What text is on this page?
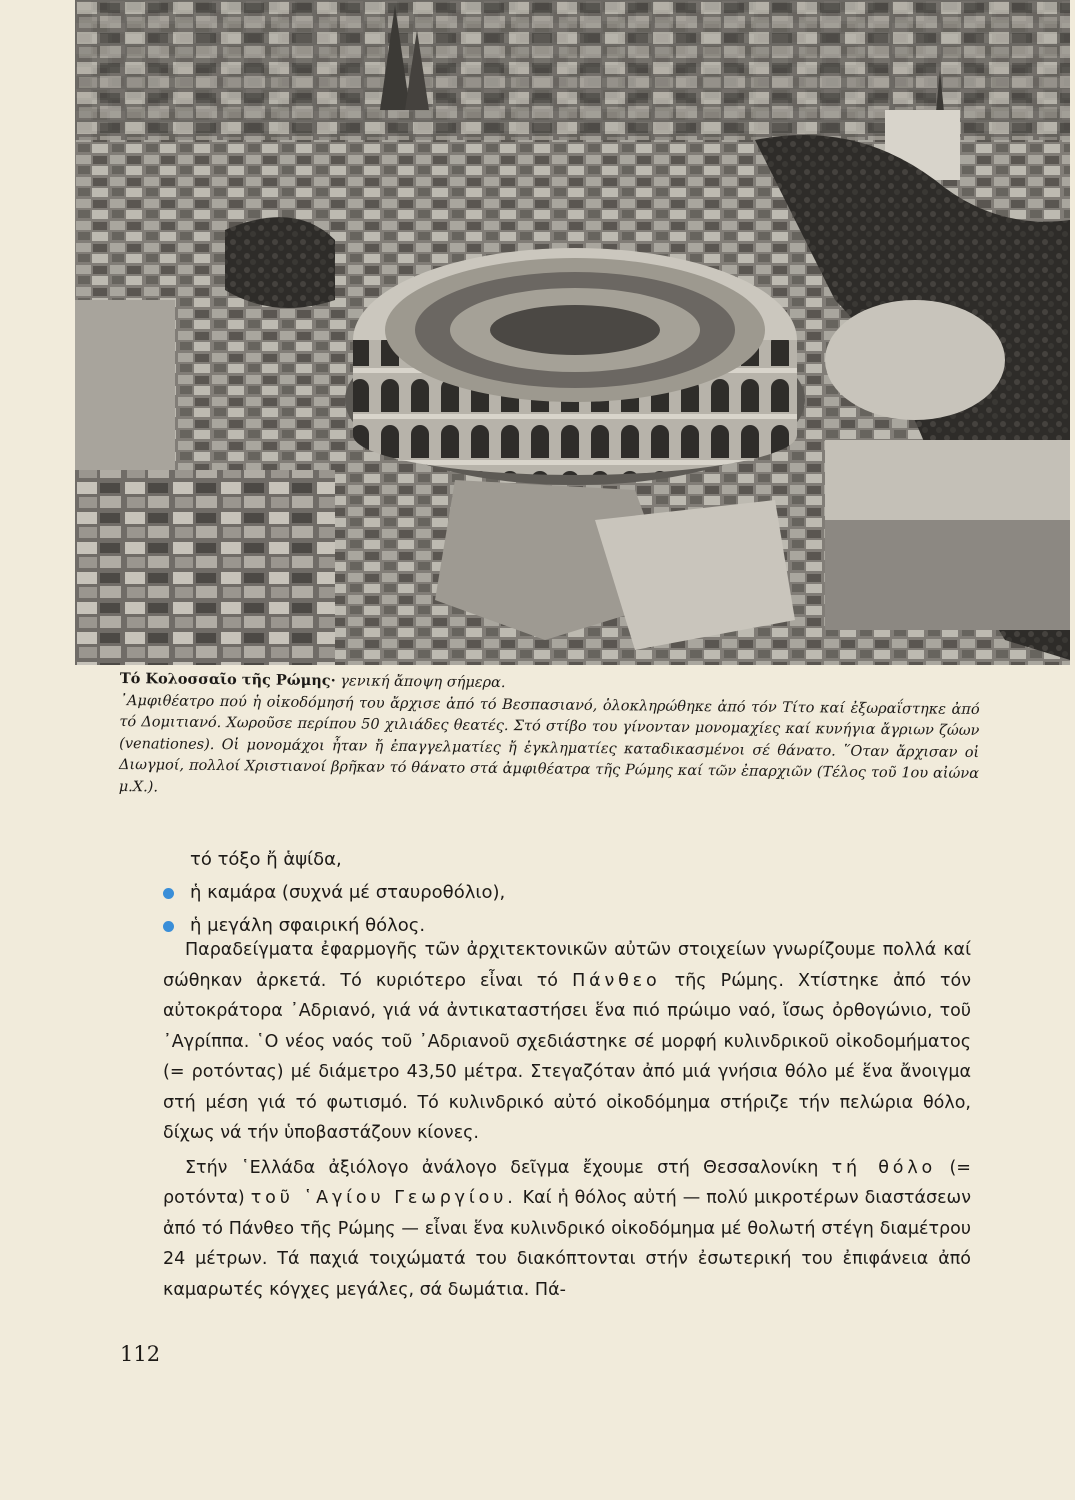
Τό Κολοσσαῖο τῆς Ρώμης· γενική ἄποψη σήμερα.

᾿Αμφιθέατρο πού ἡ οἰκοδόμησή του ἄρχισε ἀπό τό Βεσπασιανό, ὁλοκληρώθηκε ἀπό τόν Τίτο καί ἐξωραΐστηκε ἀπό τό Δομιτιανό. Χωροῦσε περίπου 50 χιλιάδες θεατές. Στό στίβο του γίνονταν μονομαχίες καί κυνήγια ἄγριων ζώων (venationes). Οἱ μονομάχοι ἦταν ἤ ἐπαγγελματίες ἤ ἐγκληματίες καταδικασμένοι σέ θάνατο. ῞Οταν ἄρχισαν οἱ Διωγμοί, πολλοί Χριστιανοί βρῆκαν τό θάνατο στά ἀμφιθέατρα τῆς Ρώμης καί τῶν ἐπαρχιῶν (Τέλος τοῦ 1ου αἰώνα μ.Χ.).

τό τόξο ἤ ἁψίδα,
ἡ καμάρα (συχνά μέ σταυροθόλιο),
ἡ μεγάλη σφαιρική θόλος.

Παραδείγματα ἐφαρμογῆς τῶν ἀρχιτεκτονικῶν αὐτῶν στοιχείων γνωρίζουμε πολλά καί σώθηκαν ἀρκετά. Τό κυριότερο εἶναι τό Πάνθεο τῆς Ρώμης. Χτίστηκε ἀπό τόν αὐτοκράτορα ᾿Αδριανό, γιά νά ἀντικαταστήσει ἕνα πιό πρώιμο ναό, ἴσως ὀρθογώνιο, τοῦ ᾿Αγρίππα. ῾Ο νέος ναός τοῦ ᾿Αδριανοῦ σχεδιάστηκε σέ μορφή κυλινδρικοῦ οἰκοδομήματος (= ροτόντας) μέ διάμετρο 43,50 μέτρα. Στεγαζόταν ἀπό μιά γνήσια θόλο μέ ἕνα ἄνοιγμα στή μέση γιά τό φωτισμό. Τό κυλινδρικό αὐτό οἰκοδόμημα στήριζε τήν πελώρια θόλο, δίχως νά τήν ὑποβαστάζουν κίονες.

Στήν ῾Ελλάδα ἀξιόλογο ἀνάλογο δεῖγμα ἔχουμε στή Θεσσαλονίκη τή θόλο (= ροτόντα) τοῦ ῾Αγίου Γεωργίου. Καί ἡ θόλος αὐτή — πολύ μικροτέρων διαστάσεων ἀπό τό Πάνθεο τῆς Ρώμης — εἶναι ἕνα κυλινδρικό οἰκοδόμημα μέ θολωτή στέγη διαμέτρου 24 μέτρων. Τά παχιά τοιχώματά του διακόπτονται στήν ἐσωτερική του ἐπιφάνεια ἀπό καμαρωτές κόγχες μεγάλες, σά δωμάτια. Πά-

112
